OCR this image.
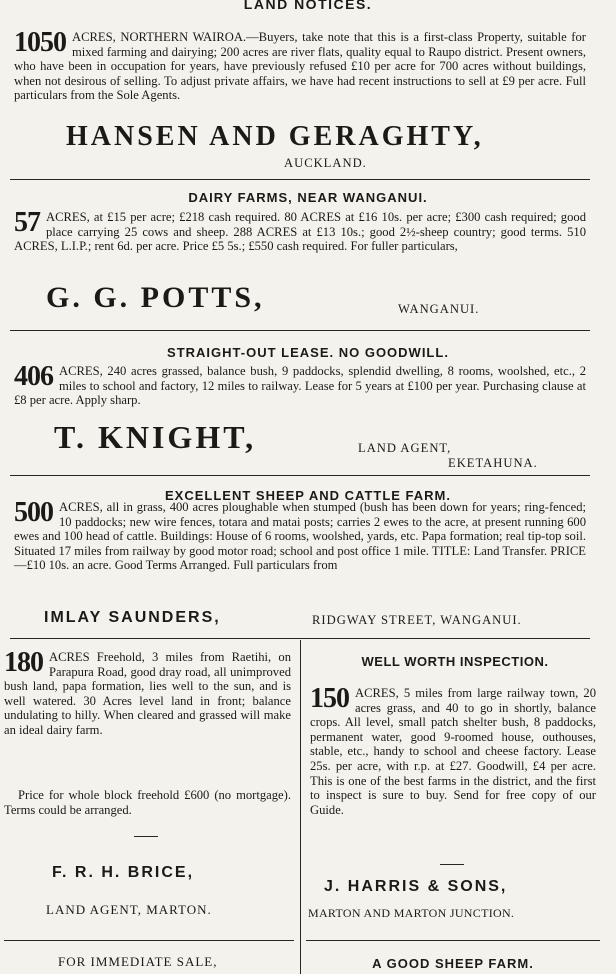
LAND NOTICES.
1050 ACRES, NORTHERN WAIROA.—Buyers, take note that this is a first-class Property, suitable for mixed farming and dairying; 200 acres are river flats, quality equal to Raupo district. Present owners, who have been in occupation for years, have previously refused £10 per acre for 700 acres without buildings, when not desirous of selling. To adjust private affairs, we have had recent instructions to sell at £9 per acre. Full particulars from the Sole Agents.
HANSEN AND GERAGHTY,
AUCKLAND.
DAIRY FARMS, NEAR WANGANUI.
57 ACRES, at £15 per acre; £218 cash required. 80 ACRES at £16 10s. per acre; £300 cash required; good place carrying 25 cows and sheep. 288 ACRES at £13 10s.; good 2½-sheep country; good terms. 510 ACRES, L.I.P.; rent 6d. per acre. Price £5 5s.; £550 cash required. For fuller particulars,
G. G. POTTS,	WANGANUI.
STRAIGHT-OUT LEASE. NO GOODWILL.
406 ACRES, 240 acres grassed, balance bush, 9 paddocks, splendid dwelling, 8 rooms, woolshed, etc., 2 miles to school and factory, 12 miles to railway. Lease for 5 years at £100 per year. Purchasing clause at £8 per acre. Apply sharp.
T. KNIGHT,	LAND AGENT,
EKETAHUNA.
EXCELLENT SHEEP AND CATTLE FARM.
500 ACRES, all in grass, 400 acres ploughable when stumped (bush has been down for years; ring-fenced; 10 paddocks; new wire fences, totara and matai posts; carries 2 ewes to the acre, at present running 600 ewes and 100 head of cattle. Buildings: House of 6 rooms, woolshed, yards, etc. Papa formation; real tip-top soil. Situated 17 miles from railway by good motor road; school and post office 1 mile. TITLE: Land Transfer. PRICE—£10 10s. an acre. Good Terms Arranged. Full particulars from
IMLAY SAUNDERS,	RIDGWAY STREET, WANGANUI.
180 ACRES Freehold, 3 miles from Raetihi, on Parapura Road, good dray road, all unimproved bush land, papa formation, lies well to the sun, and is well watered. 30 Acres level land in front; balance undulating to hilly. When cleared and grassed will make an ideal dairy farm.
Price for whole block freehold £600 (no mortgage). Terms could be arranged.
F. R. H. BRICE,
LAND AGENT, MARTON.
FOR IMMEDIATE SALE,
WELL WORTH INSPECTION.
150 ACRES, 5 miles from large railway town, 20 acres grass, and 40 to go in shortly, balance crops. All level, small patch shelter bush, 8 paddocks, permanent water, good 9-roomed house, outhouses, stable, etc., handy to school and cheese factory. Lease 25s. per acre, with r.p. at £27. Goodwill, £4 per acre. This is one of the best farms in the district, and the first to inspect is sure to buy. Send for free copy of our Guide.
J. HARRIS & SONS,
MARTON AND MARTON JUNCTION.
A GOOD SHEEP FARM.
